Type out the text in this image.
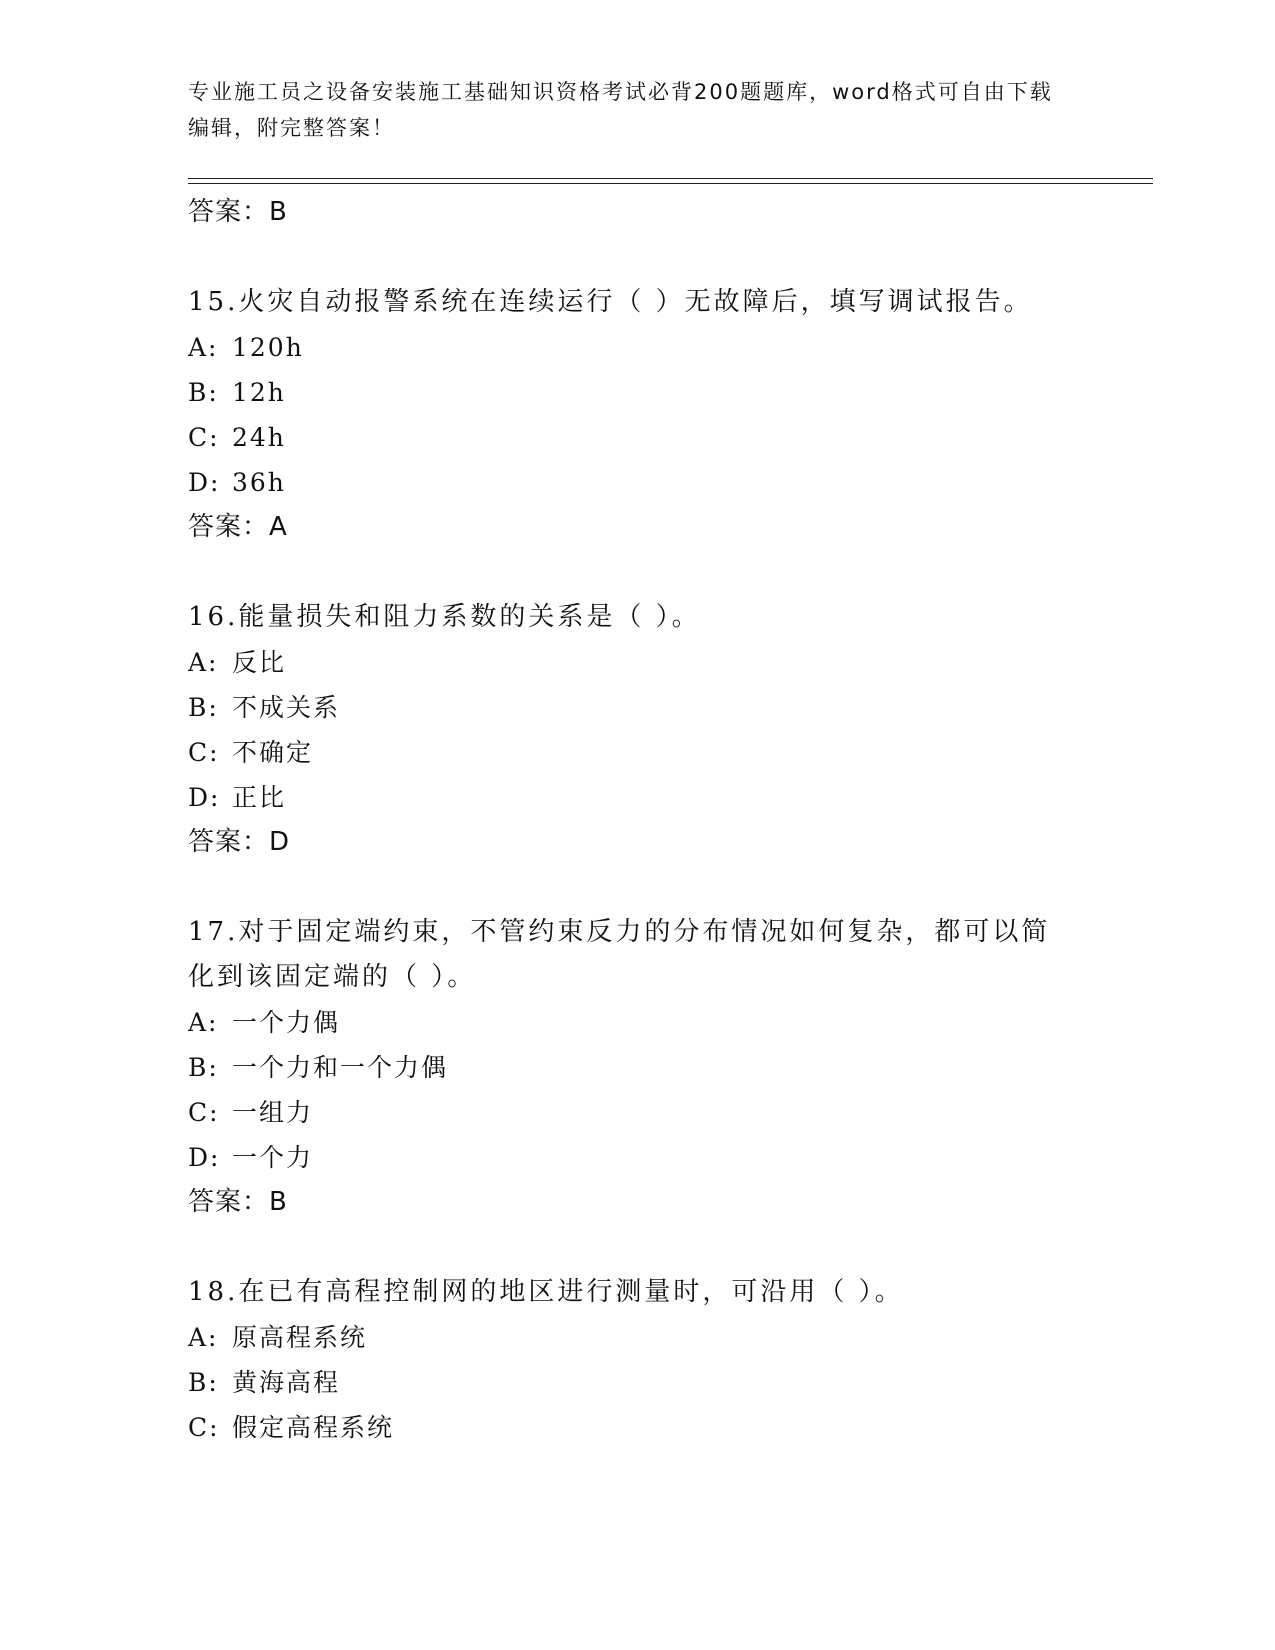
专业施工员之设备安装施工基础知识资格考试必背200题题库，word格式可自由下载编辑，附完整答案！
答案：B
15.火灾自动报警系统在连续运行（ ）无故障后，填写调试报告。
A: 120h
B: 12h
C: 24h
D: 36h
答案：A
16.能量损失和阻力系数的关系是（ ）。
A: 反比
B: 不成关系
C: 不确定
D: 正比
答案：D
17.对于固定端约束，不管约束反力的分布情况如何复杂，都可以简化到该固定端的（ ）。
A: 一个力偶
B: 一个力和一个力偶
C: 一组力
D: 一个力
答案：B
18.在已有高程控制网的地区进行测量时，可沿用（ ）。
A: 原高程系统
B: 黄海高程
C: 假定高程系统
